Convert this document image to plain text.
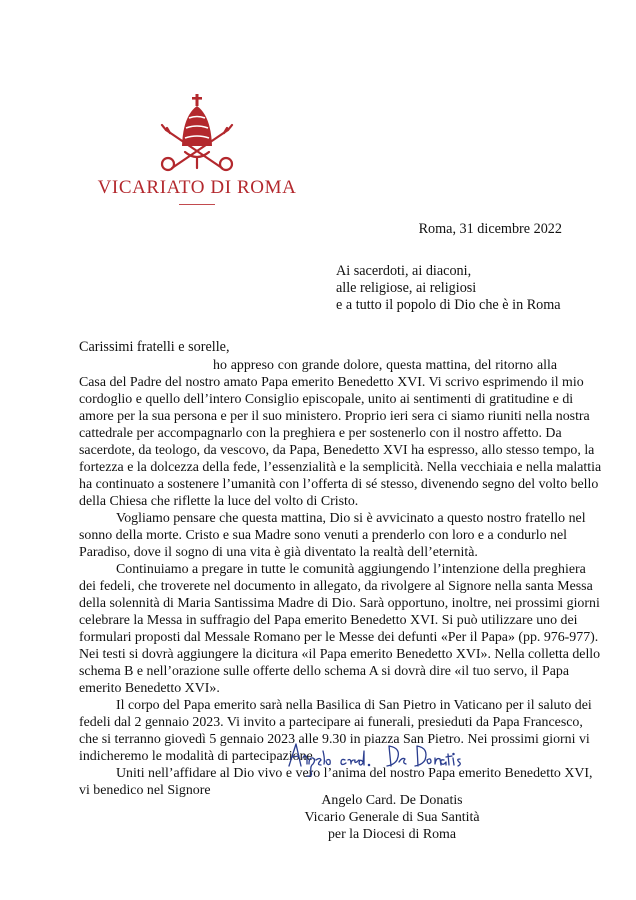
VICARIATO DI ROMA
Roma, 31 dicembre 2022
Ai sacerdoti, ai diaconi,
alle religiose, ai religiosi
e a tutto il popolo di Dio che è in Roma
Carissimi fratelli e sorelle,
ho appreso con grande dolore, questa mattina, del ritorno alla
Casa del Padre del nostro amato Papa emerito Benedetto XVI. Vi scrivo esprimendo il mio
cordoglio e quello dell’intero Consiglio episcopale, unito ai sentimenti di gratitudine e di
amore per la sua persona e per il suo ministero. Proprio ieri sera ci siamo riuniti nella nostra
cattedrale per accompagnarlo con la preghiera e per sostenerlo con il nostro affetto. Da
sacerdote, da teologo, da vescovo, da Papa, Benedetto XVI ha espresso, allo stesso tempo, la
fortezza e la dolcezza della fede, l’essenzialità e la semplicità. Nella vecchiaia e nella malattia
ha continuato a sostenere l’umanità con l’offerta di sé stesso, divenendo segno del volto bello
della Chiesa che riflette la luce del volto di Cristo.
Vogliamo pensare che questa mattina, Dio si è avvicinato a questo nostro fratello nel
sonno della morte. Cristo e sua Madre sono venuti a prenderlo con loro e a condurlo nel
Paradiso, dove il sogno di una vita è già diventato la realtà dell’eternità.
Continuiamo a pregare in tutte le comunità aggiungendo l’intenzione della preghiera
dei fedeli, che troverete nel documento in allegato, da rivolgere al Signore nella santa Messa
della solennità di Maria Santissima Madre di Dio. Sarà opportuno, inoltre, nei prossimi giorni
celebrare la Messa in suffragio del Papa emerito Benedetto XVI. Si può utilizzare uno dei
formulari proposti dal Messale Romano per le Messe dei defunti «Per il Papa» (pp. 976-977).
Nei testi si dovrà aggiungere la dicitura «il Papa emerito Benedetto XVI». Nella colletta dello
schema B e nell’orazione sulle offerte dello schema A si dovrà dire «il tuo servo, il Papa
emerito Benedetto XVI».
Il corpo del Papa emerito sarà nella Basilica di San Pietro in Vaticano per il saluto dei
fedeli dal 2 gennaio 2023. Vi invito a partecipare ai funerali, presieduti da Papa Francesco,
che si terranno giovedì 5 gennaio 2023 alle 9.30 in piazza San Pietro. Nei prossimi giorni vi
indicheremo le modalità di partecipazione.
Uniti nell’affidare al Dio vivo e vero l’anima del nostro Papa emerito Benedetto XVI,
vi benedico nel Signore
Angelo Card. De Donatis
Vicario Generale di Sua Santità
per la Diocesi di Roma
